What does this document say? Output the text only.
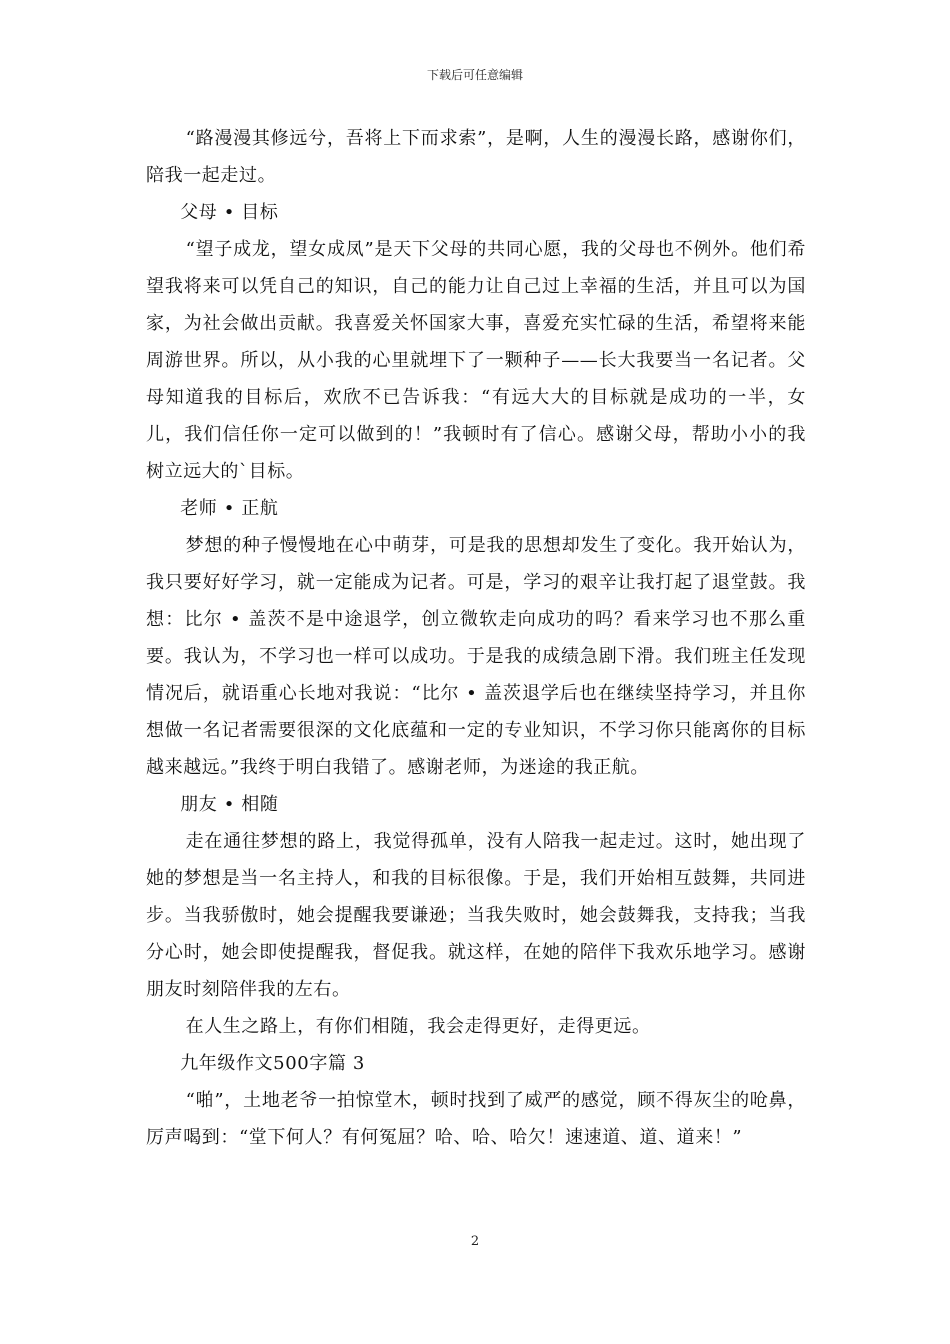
下载后可任意编辑

“路漫漫其修远兮，吾将上下而求索”，是啊，人生的漫漫长路，感谢你们，陪我一起走过。

父母 • 目标

“望子成龙，望女成凤”是天下父母的共同心愿，我的父母也不例外。他们希望我将来可以凭自己的知识，自己的能力让自己过上幸福的生活，并且可以为国家，为社会做出贡献。我喜爱关怀国家大事，喜爱充实忙碌的生活，希望将来能周游世界。所以，从小我的心里就埋下了一颗种子——长大我要当一名记者。父母知道我的目标后，欢欣不已告诉我：“有远大大的目标就是成功的一半，女儿，我们信任你一定可以做到的！”我顿时有了信心。感谢父母，帮助小小的我树立远大的`目标。

老师 • 正航

梦想的种子慢慢地在心中萌芽，可是我的思想却发生了变化。我开始认为，我只要好好学习，就一定能成为记者。可是，学习的艰辛让我打起了退堂鼓。我想：比尔 • 盖茨不是中途退学，创立微软走向成功的吗？看来学习也不那么重要。我认为，不学习也一样可以成功。于是我的成绩急剧下滑。我们班主任发现情况后，就语重心长地对我说：“比尔 • 盖茨退学后也在继续坚持学习，并且你想做一名记者需要很深的文化底蕴和一定的专业知识，不学习你只能离你的目标越来越远。”我终于明白我错了。感谢老师，为迷途的我正航。

朋友 • 相随

走在通往梦想的路上，我觉得孤单，没有人陪我一起走过。这时，她出现了她的梦想是当一名主持人，和我的目标很像。于是，我们开始相互鼓舞，共同进步。当我骄傲时，她会提醒我要谦逊；当我失败时，她会鼓舞我，支持我；当我分心时，她会即使提醒我，督促我。就这样，在她的陪伴下我欢乐地学习。感谢朋友时刻陪伴我的左右。

在人生之路上，有你们相随，我会走得更好，走得更远。

九年级作文500字篇 3

“啪”，土地老爷一拍惊堂木，顿时找到了威严的感觉，顾不得灰尘的呛鼻，厉声喝到：“堂下何人？有何冤屈？哈、哈、哈欠！速速道、道、道来！”

2
